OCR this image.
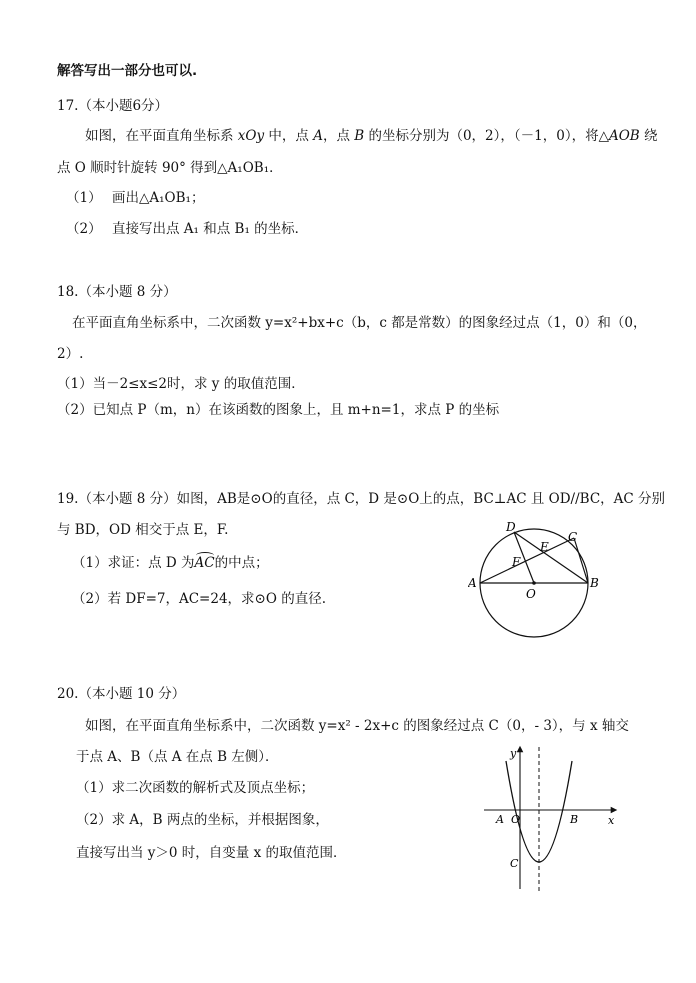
解答写出一部分也可以.
17.（本小题6分）
如图，在平面直角坐标系 xOy 中，点 A，点 B 的坐标分别为（0，2），（－1，0），将△AOB 绕
点 O 顺时针旋转 90° 得到△A₁OB₁．
（1） 画出△A₁OB₁；
（2） 直接写出点 A₁ 和点 B₁ 的坐标．
18.（本小题 8 分）
在平面直角坐标系中，二次函数 y=x²+bx+c（b，c 都是常数）的图象经过点（1，0）和（0，
2）.
（1）当－2≤x≤2时，求 y 的取值范围．
（2）已知点 P（m，n）在该函数的图象上，且 m+n=1，求点 P 的坐标
19.（本小题 8 分）如图，AB是⊙O的直径，点 C，D 是⊙O上的点，BC⊥AC 且 OD//BC，AC 分别
与 BD，OD 相交于点 E，F.
（1）求证：点 D 为
AC的中点；
（2）若 DF=7，AC=24，求⊙O 的直径.
A	B
C
D
E
F
O
20.（本小题 10 分）
如图，在平面直角坐标系中，二次函数 y=x² - 2x+c 的图象经过点 C（0，- 3），与 x 轴交
于点 A、B（点 A 在点 B 左侧）．
（1）求二次函数的解析式及顶点坐标；
（2）求 A，B 两点的坐标，并根据图象，
直接写出当 y＞0 时，自变量 x 的取值范围．
y
x
A O	B
C
